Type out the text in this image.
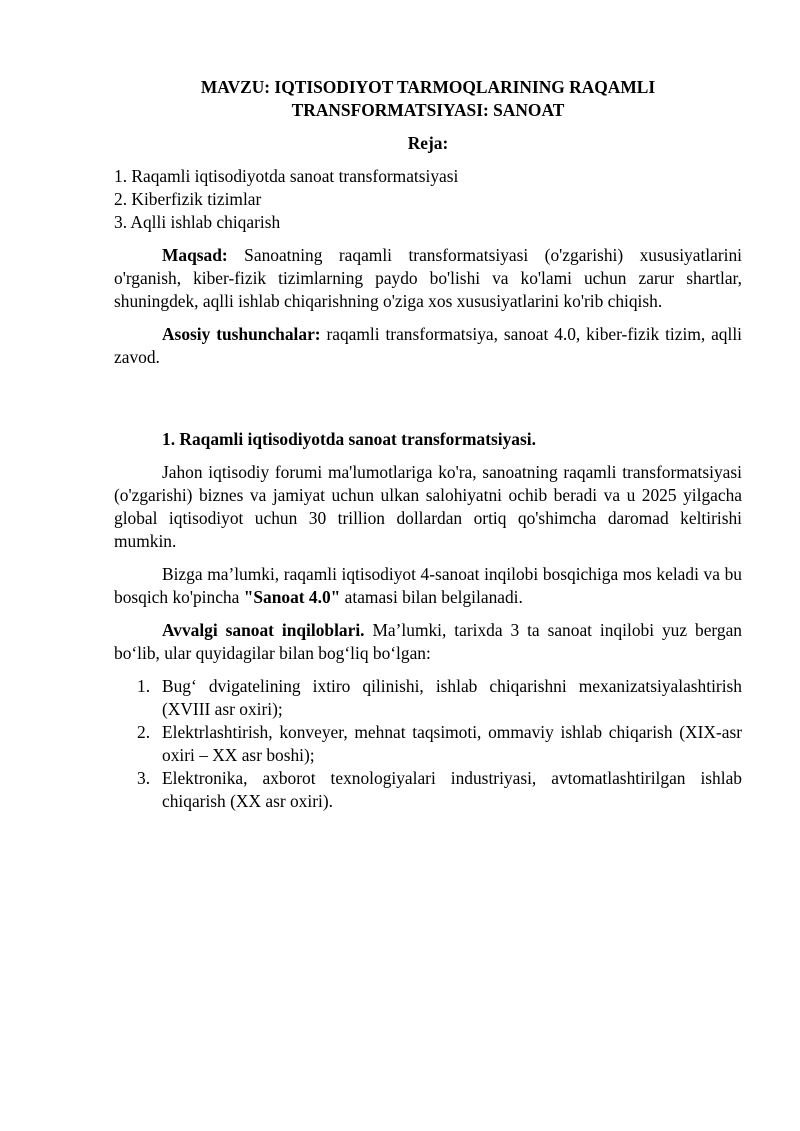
MAVZU: IQTISODIYOT TARMOQLARINING RAQAMLI
TRANSFORMATSIYASI: SANOAT
Reja:
1. Raqamli iqtisodiyotda sanoat transformatsiyasi
2. Kiberfizik tizimlar
3. Aqlli ishlab chiqarish

Maqsad: Sanoatning raqamli transformatsiyasi (o'zgarishi) xususiyatlarini o'rganish, kiber-fizik tizimlarning paydo bo'lishi va ko'lami uchun zarur shartlar, shuningdek, aqlli ishlab chiqarishning o'ziga xos xususiyatlarini ko'rib chiqish.

Asosiy tushunchalar: raqamli transformatsiya, sanoat 4.0, kiber-fizik tizim, aqlli zavod.

1. Raqamli iqtisodiyotda sanoat transformatsiyasi.

Jahon iqtisodiy forumi ma'lumotlariga ko'ra, sanoatning raqamli transformatsiyasi (o'zgarishi) biznes va jamiyat uchun ulkan salohiyatni ochib beradi va u 2025 yilgacha global iqtisodiyot uchun 30 trillion dollardan ortiq qo'shimcha daromad keltirishi mumkin.

Bizga ma’lumki, raqamli iqtisodiyot 4-sanoat inqilobi bosqichiga mos keladi va bu bosqich ko'pincha "Sanoat 4.0" atamasi bilan belgilanadi.

Avvalgi sanoat inqiloblari. Ma’lumki, tarixda 3 ta sanoat inqilobi yuz bergan bo‘lib, ular quyidagilar bilan bog‘liq bo‘lgan:

1. Bug‘ dvigatelining ixtiro qilinishi, ishlab chiqarishni mexanizatsiyalashtirish (XVIII asr oxiri);
2. Elektrlashtirish, konveyer, mehnat taqsimoti, ommaviy ishlab chiqarish (XIX-asr oxiri – XX asr boshi);
3. Elektronika, axborot texnologiyalari industriyasi, avtomatlashtirilgan ishlab chiqarish (XX asr oxiri).
